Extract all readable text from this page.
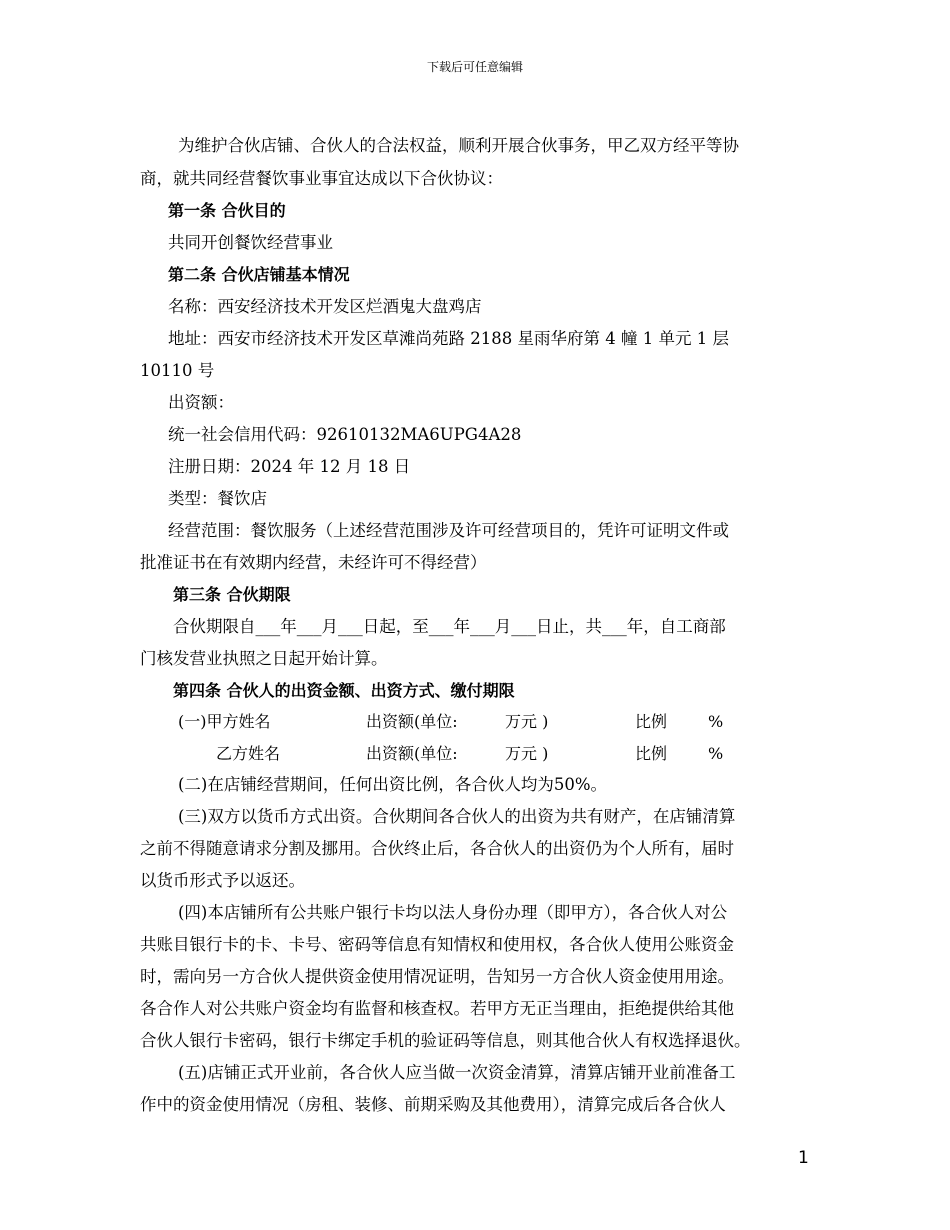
下载后可任意编辑
为维护合伙店铺、合伙人的合法权益，顺利开展合伙事务，甲乙双方经平等协
商，就共同经营餐饮事业事宜达成以下合伙协议：
第一条 合伙目的
共同开创餐饮经营事业
第二条 合伙店铺基本情况
名称：西安经济技术开发区烂酒鬼大盘鸡店
地址：西安市经济技术开发区草滩尚苑路 2188 星雨华府第 4 幢 1 单元 1 层
10110 号
出资额：
统一社会信用代码：92610132MA6UPG4A28
注册日期：2024 年 12 月 18 日
类型：餐饮店
经营范围：餐饮服务（上述经营范围涉及许可经营项目的，凭许可证明文件或
批准证书在有效期内经营，未经许可不得经营）
第三条 合伙期限
合伙期限自___年___月___日起，至___年___月___日止，共___年，自工商部
门核发营业执照之日起开始计算。
第四条 合伙人的出资金额、出资方式、缴付期限
(一)甲方姓名	出资额(单位:	万元 )	比例	%
乙方姓名	出资额(单位:	万元 )	比例	%
(二)在店铺经营期间，任何出资比例，各合伙人均为50%。
(三)双方以货币方式出资。合伙期间各合伙人的出资为共有财产，在店铺清算
之前不得随意请求分割及挪用。合伙终止后，各合伙人的出资仍为个人所有，届时
以货币形式予以返还。
(四)本店铺所有公共账户银行卡均以法人身份办理（即甲方），各合伙人对公
共账目银行卡的卡、卡号、密码等信息有知情权和使用权，各合伙人使用公账资金
时，需向另一方合伙人提供资金使用情况证明，告知另一方合伙人资金使用用途。
各合作人对公共账户资金均有监督和核查权。若甲方无正当理由，拒绝提供给其他
合伙人银行卡密码，银行卡绑定手机的验证码等信息，则其他合伙人有权选择退伙。
(五)店铺正式开业前，各合伙人应当做一次资金清算，清算店铺开业前准备工
作中的资金使用情况（房租、装修、前期采购及其他费用），清算完成后各合伙人
1
